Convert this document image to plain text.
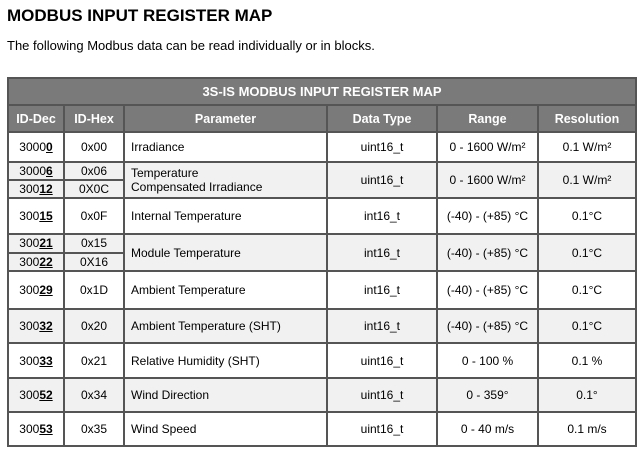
MODBUS INPUT REGISTER MAP
The following Modbus data can be read individually or in blocks.
3S-IS MODBUS INPUT REGISTER MAP					
ID-Dec	ID-Hex	Parameter	Data Type	Range	Resolution
30000	0x00	Irradiance	uint16_t	0 - 1600 W/m²	0.1 W/m²
30006	0x06	Temperature
Compensated Irradiance	uint16_t	0 - 1600 W/m²	0.1 W/m²
30012	0X0C				
30015	0x0F	Internal Temperature	int16_t	(-40) - (+85) °C	0.1°C
30021	0x15	Module Temperature	int16_t	(-40) - (+85) °C	0.1°C
30022	0X16				
30029	0x1D	Ambient Temperature	int16_t	(-40) - (+85) °C	0.1°C
30032	0x20	Ambient Temperature (SHT)	int16_t	(-40) - (+85) °C	0.1°C
30033	0x21	Relative Humidity (SHT)	uint16_t	0 - 100 %	0.1 %
30052	0x34	Wind Direction	uint16_t	0 - 359°	0.1°
30053	0x35	Wind Speed	uint16_t	0 - 40 m/s	0.1 m/s
